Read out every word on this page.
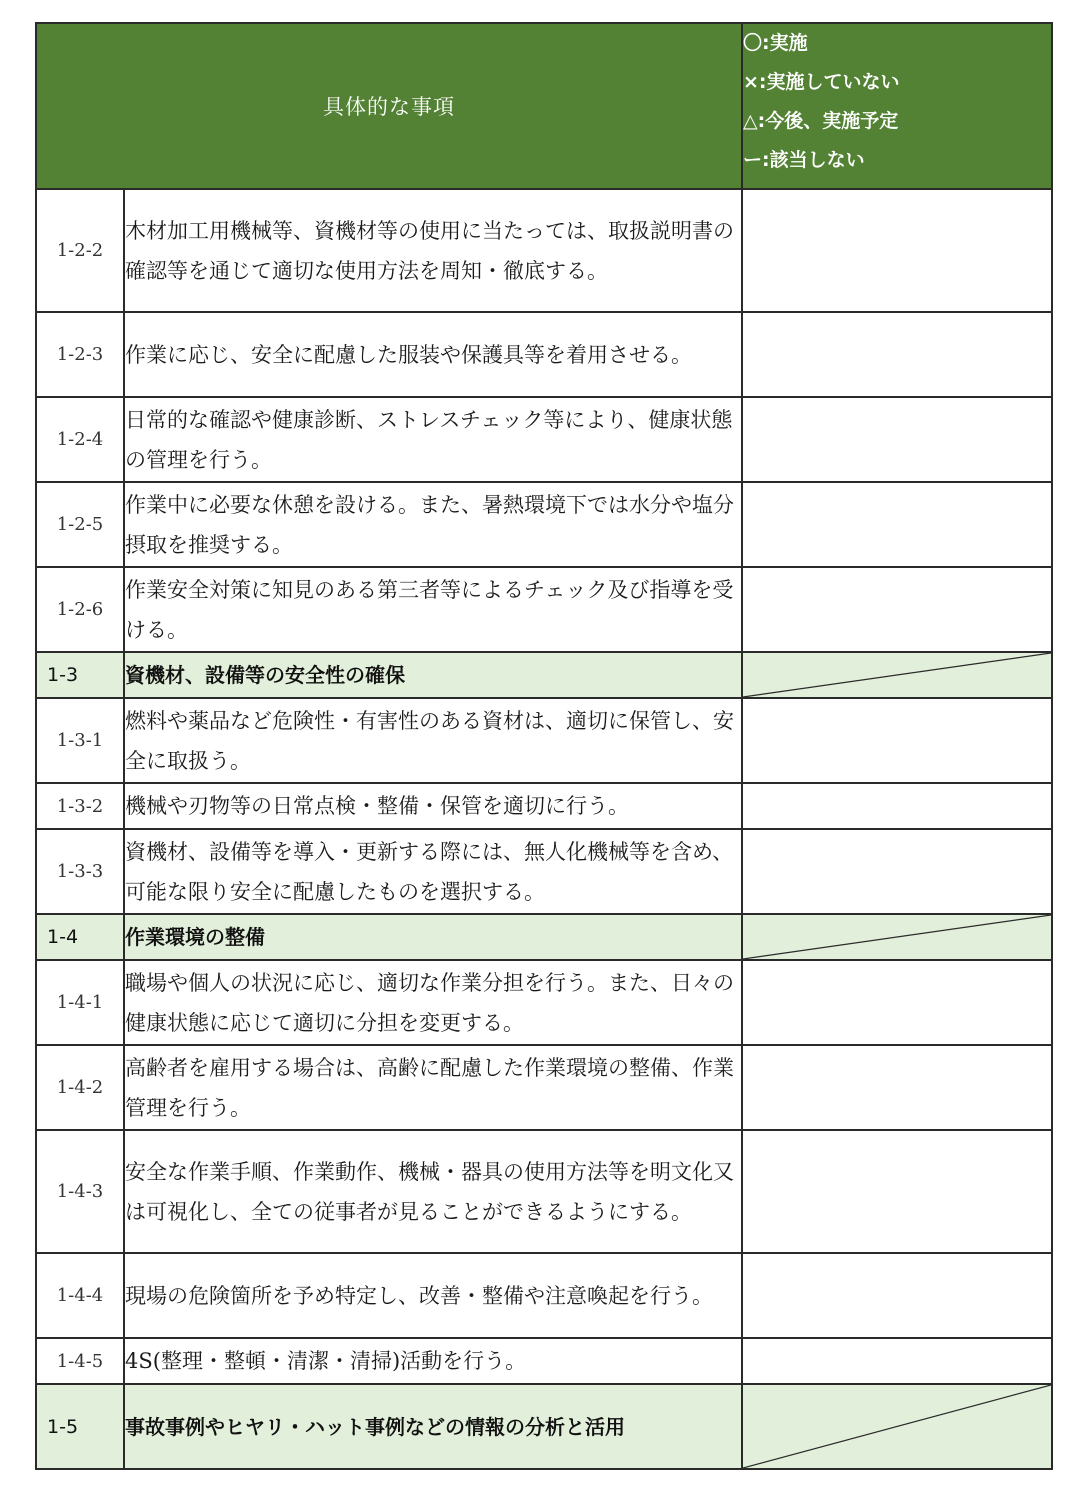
具体的な事項		〇:実施
×:実施していない
△:今後、実施予定
ー:該当しない

1-2-2	木材加工用機械等、資機材等の使用に当たっては、取扱説明書の確認等を通じて適切な使用方法を周知・徹底する。	
1-2-3	作業に応じ、安全に配慮した服装や保護具等を着用させる。	
1-2-4	日常的な確認や健康診断、ストレスチェック等により、健康状態の管理を行う。	
1-2-5	作業中に必要な休憩を設ける。また、暑熱環境下では水分や塩分摂取を推奨する。	
1-2-6	作業安全対策に知見のある第三者等によるチェック及び指導を受ける。	
1-3	資機材、設備等の安全性の確保	

1-3-1	燃料や薬品など危険性・有害性のある資材は、適切に保管し、安全に取扱う。	
1-3-2	機械や刃物等の日常点検・整備・保管を適切に行う。	
1-3-3	資機材、設備等を導入・更新する際には、無人化機械等を含め、可能な限り安全に配慮したものを選択する。	
1-4	作業環境の整備	

1-4-1	職場や個人の状況に応じ、適切な作業分担を行う。また、日々の健康状態に応じて適切に分担を変更する。	
1-4-2	高齢者を雇用する場合は、高齢に配慮した作業環境の整備、作業管理を行う。	
1-4-3	安全な作業手順、作業動作、機械・器具の使用方法等を明文化又は可視化し、全ての従事者が見ることができるようにする。	
1-4-4	現場の危険箇所を予め特定し、改善・整備や注意喚起を行う。	
1-4-5	4S(整理・整頓・清潔・清掃)活動を行う。	
1-5	事故事例やヒヤリ・ハット事例などの情報の分析と活用	
